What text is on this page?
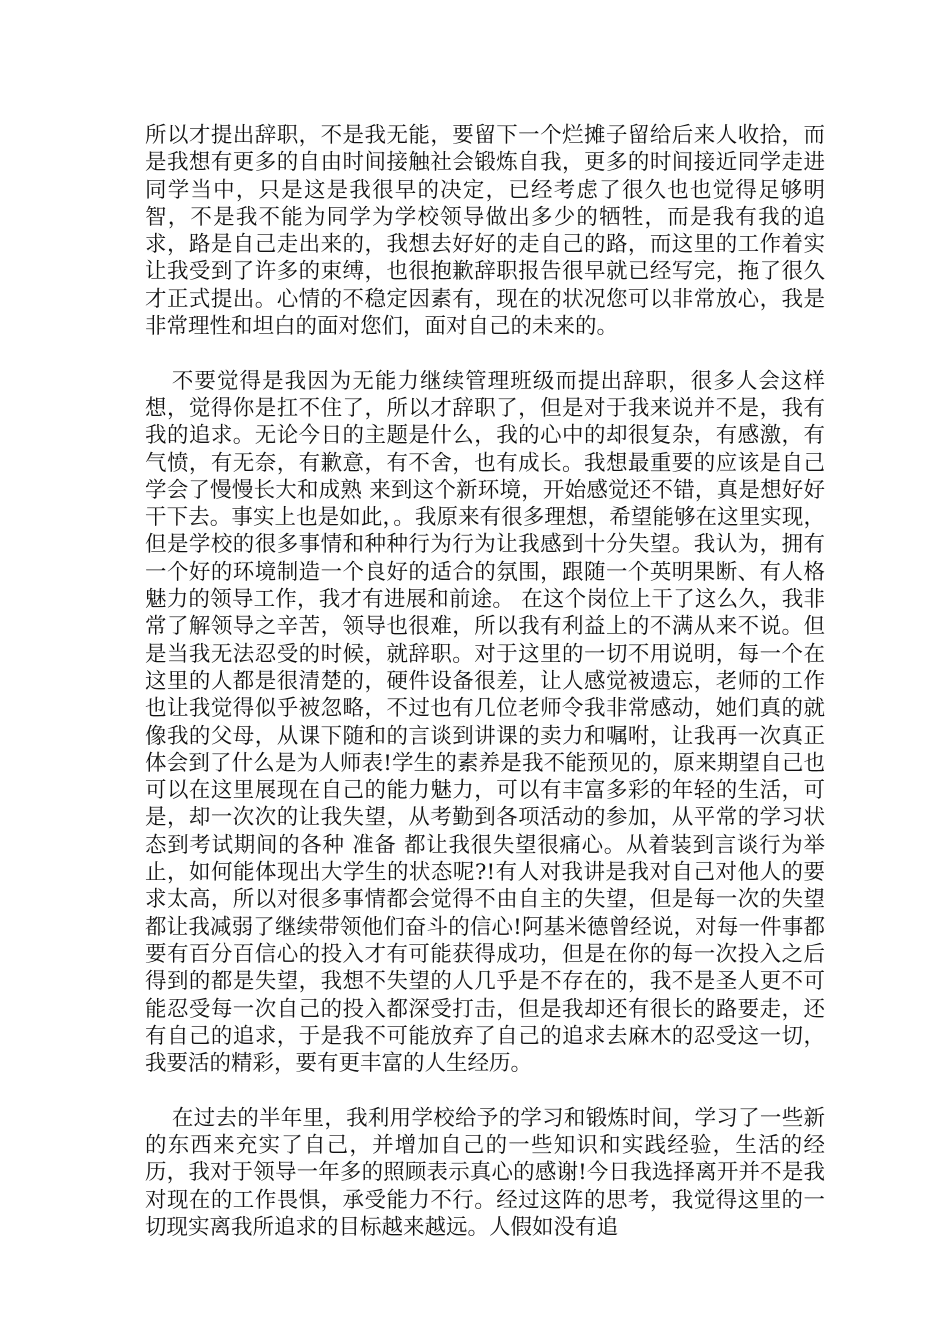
所以才提出辞职，不是我无能，要留下一个烂摊子留给后来人收拾，而是我想有更多的自由时间接触社会锻炼自我，更多的时间接近同学走进同学当中，只是这是我很早的决定，已经考虑了很久也也觉得足够明智，不是我不能为同学为学校领导做出多少的牺牲，而是我有我的追求，路是自己走出来的，我想去好好的走自己的路，而这里的工作着实让我受到了许多的束缚，也很抱歉辞职报告很早就已经写完，拖了很久才正式提出。心情的不稳定因素有，现在的状况您可以非常放心，我是非常理性和坦白的面对您们，面对自己的未来的。

不要觉得是我因为无能力继续管理班级而提出辞职，很多人会这样想，觉得你是扛不住了，所以才辞职了，但是对于我来说并不是，我有我的追求。无论今日的主题是什么，我的心中的却很复杂，有感激，有气愤，有无奈，有歉意，有不舍，也有成长。我想最重要的应该是自己学会了慢慢长大和成熟 来到这个新环境，开始感觉还不错，真是想好好干下去。事实上也是如此，。我原来有很多理想，希望能够在这里实现，但是学校的很多事情和种种行为行为让我感到十分失望。我认为，拥有一个好的环境制造一个良好的适合的氛围，跟随一个英明果断、有人格魅力的领导工作，我才有进展和前途。 在这个岗位上干了这么久，我非常了解领导之辛苦，领导也很难，所以我有利益上的不满从来不说。但是当我无法忍受的时候，就辞职。对于这里的一切不用说明，每一个在这里的人都是很清楚的，硬件设备很差，让人感觉被遗忘，老师的工作也让我觉得似乎被忽略，不过也有几位老师令我非常感动，她们真的就像我的父母，从课下随和的言谈到讲课的卖力和嘱咐，让我再一次真正体会到了什么是为人师表!学生的素养是我不能预见的，原来期望自己也可以在这里展现在自己的能力魅力，可以有丰富多彩的年轻的生活，可是，却一次次的让我失望，从考勤到各项活动的参加，从平常的学习状态到考试期间的各种 准备 都让我很失望很痛心。从着装到言谈行为举止，如何能体现出大学生的状态呢?!有人对我讲是我对自己对他人的要求太高，所以对很多事情都会觉得不由自主的失望，但是每一次的失望都让我减弱了继续带领他们奋斗的信心!阿基米德曾经说，对每一件事都要有百分百信心的投入才有可能获得成功，但是在你的每一次投入之后得到的都是失望，我想不失望的人几乎是不存在的，我不是圣人更不可能忍受每一次自己的投入都深受打击，但是我却还有很长的路要走，还有自己的追求，于是我不可能放弃了自己的追求去麻木的忍受这一切，我要活的精彩，要有更丰富的人生经历。

在过去的半年里，我利用学校给予的学习和锻炼时间，学习了一些新的东西来充实了自己，并增加自己的一些知识和实践经验，生活的经历，我对于领导一年多的照顾表示真心的感谢!今日我选择离开并不是我对现在的工作畏惧，承受能力不行。经过这阵的思考，我觉得这里的一切现实离我所追求的目标越来越远。人假如没有追
